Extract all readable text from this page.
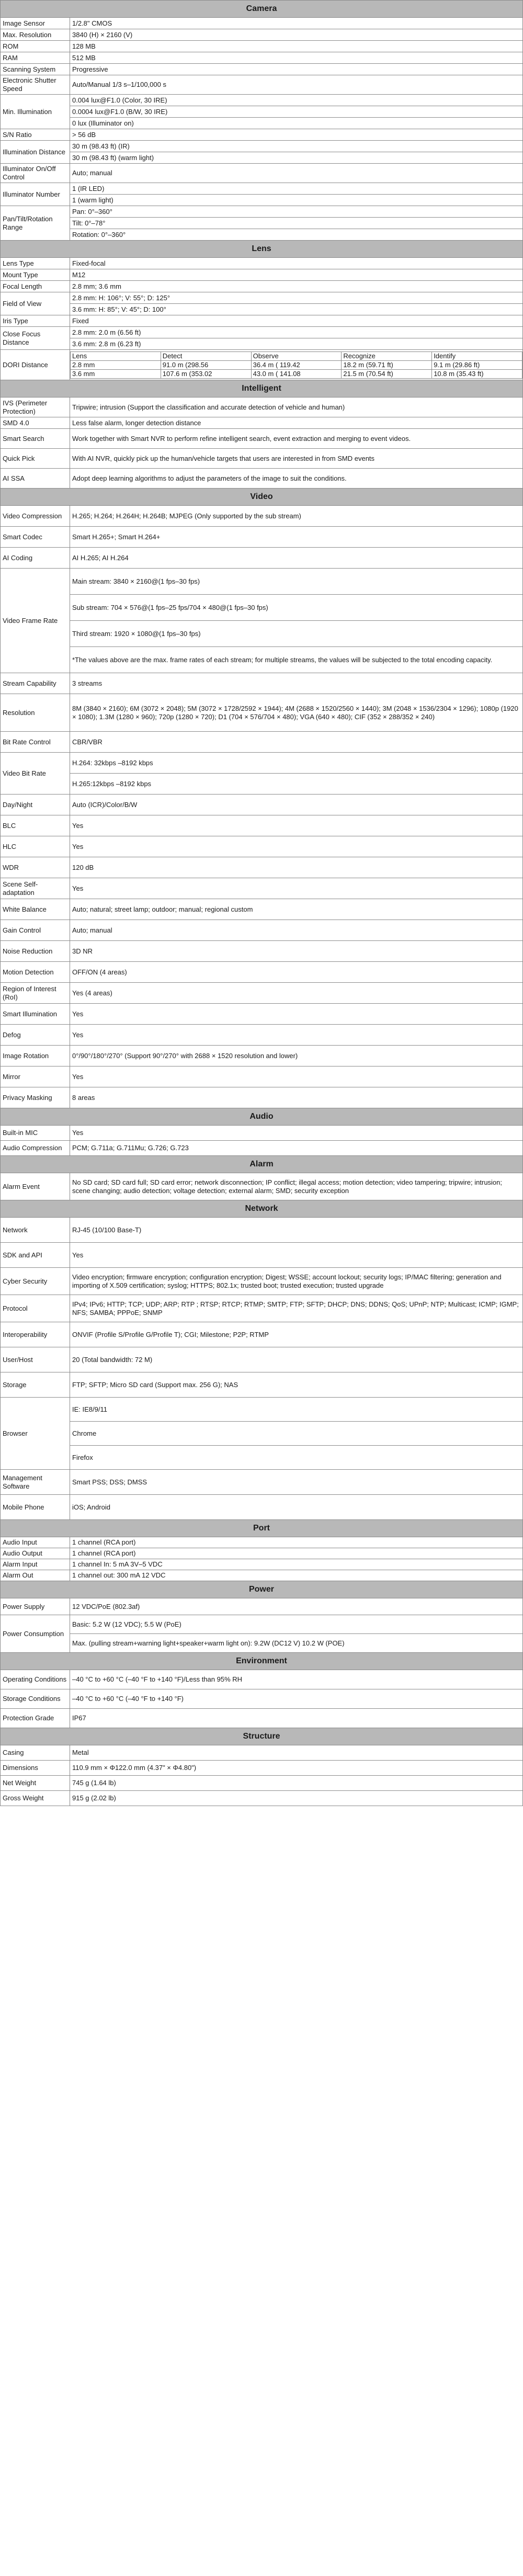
Camera
Image Sensor	1/2.8" CMOS
Max. Resolution	3840 (H) × 2160 (V)
ROM	128 MB
RAM	512 MB
Scanning System	Progressive
Electronic Shutter Speed	Auto/Manual 1/3 s–1/100,000 s
Min. Illumination	0.004 lux@F1.0 (Color, 30 IRE)
0.0004 lux@F1.0 (B/W, 30 IRE)
0 lux (Illuminator on)
S/N Ratio	> 56 dB
Illumination Distance	30 m (98.43 ft) (IR)
30 m (98.43 ft) (warm light)
Illuminator On/Off Control	Auto; manual
Illuminator Number	1 (IR LED)
1 (warm light)
Pan/Tilt/Rotation Range	Pan: 0°–360°
Tilt: 0°–78°
Rotation: 0°–360°
Lens
Lens Type	Fixed-focal
Mount Type	M12
Focal Length	2.8 mm; 3.6 mm
Field of View	2.8 mm: H: 106°; V: 55°; D: 125°
3.6 mm: H: 85°; V: 45°; D: 100°
Iris Type	Fixed
Close Focus Distance	2.8 mm: 2.0 m (6.56 ft)
3.6 mm: 2.8 m (6.23 ft)
DORI Distance	
Lens	Detect	Observe	Recognize	Identify
2.8 mm	91.0 m (298.56	36.4 m ( 119.42	18.2 m (59.71 ft)	9.1 m (29.86 ft)
3.6 mm	107.6 m (353.02	43.0 m ( 141.08	21.5 m (70.54 ft)	10.8 m (35.43 ft)

Intelligent
IVS (Perimeter Protection)	Tripwire; intrusion (Support the classification and accurate detection of vehicle and human)
SMD 4.0	Less false alarm, longer detection distance
Smart Search	Work together with Smart NVR to perform refine intelligent search, event extraction and merging to event videos.
Quick Pick	With AI NVR, quickly pick up the human/vehicle targets that users are interested in from SMD events
AI SSA	Adopt deep learning algorithms to adjust the parameters of the image to suit the conditions.
Video
Video Compression	H.265; H.264; H.264H; H.264B; MJPEG (Only supported by the sub stream)
Smart Codec	Smart H.265+; Smart H.264+
AI Coding	AI H.265; AI H.264
Video Frame Rate	Main stream: 3840 × 2160@(1 fps–30 fps)
Sub stream: 704 × 576@(1 fps–25 fps/704 × 480@(1 fps–30 fps)
Third stream: 1920 × 1080@(1 fps–30 fps)
*The values above are the max. frame rates of each stream; for multiple streams, the values will be subjected to the total encoding capacity.
Stream Capability	3 streams
Resolution	8M (3840 × 2160); 6M (3072 × 2048); 5M (3072 × 1728/2592 × 1944); 4M (2688 × 1520/2560 × 1440); 3M (2048 × 1536/2304 × 1296); 1080p (1920 × 1080); 1.3M (1280 × 960); 720p (1280 × 720); D1 (704 × 576/704 × 480); VGA (640 × 480); CIF (352 × 288/352 × 240)
Bit Rate Control	CBR/VBR
Video Bit Rate	H.264: 32kbps –8192 kbps
H.265:12kbps –8192 kbps
Day/Night	Auto (ICR)/Color/B/W
BLC	Yes
HLC	Yes
WDR	120 dB
Scene Self-adaptation	Yes
White Balance	Auto; natural; street lamp; outdoor; manual; regional custom
Gain Control	Auto; manual
Noise Reduction	3D NR
Motion Detection	OFF/ON (4 areas)
Region of Interest (RoI)	Yes (4 areas)
Smart Illumination	Yes
Defog	Yes
Image Rotation	0°/90°/180°/270° (Support 90°/270° with 2688 × 1520 resolution and lower)
Mirror	Yes
Privacy Masking	8 areas
Audio
Built-in MIC	Yes
Audio Compression	PCM; G.711a; G.711Mu; G.726; G.723
Alarm
Alarm Event	No SD card; SD card full; SD card error; network disconnection; IP conflict; illegal access; motion detection; video tampering; tripwire; intrusion; scene changing; audio detection; voltage detection; external alarm; SMD; security exception
Network
Network	RJ-45 (10/100 Base-T)
SDK and API	Yes
Cyber Security	Video encryption; firmware encryption; configuration encryption; Digest; WSSE; account lockout; security logs; IP/MAC filtering; generation and importing of X.509 certification; syslog; HTTPS; 802.1x; trusted boot; trusted execution; trusted upgrade
Protocol	IPv4; IPv6; HTTP; TCP; UDP; ARP; RTP ; RTSP; RTCP; RTMP; SMTP; FTP; SFTP; DHCP; DNS; DDNS; QoS; UPnP; NTP; Multicast; ICMP; IGMP; NFS; SAMBA; PPPoE; SNMP
Interoperability	ONVIF (Profile S/Profile G/Profile T); CGI; Milestone; P2P; RTMP
User/Host	20 (Total bandwidth: 72 M)
Storage	FTP; SFTP; Micro SD card (Support max. 256 G); NAS
Browser	IE: IE8/9/11
Chrome
Firefox
Management Software	Smart PSS; DSS; DMSS
Mobile Phone	iOS; Android
Port
Audio Input	1 channel (RCA port)
Audio Output	1 channel (RCA port)
Alarm Input	1 channel In: 5 mA 3V–5 VDC
Alarm Out	1 channel out: 300 mA 12 VDC
Power
Power Supply	12 VDC/PoE (802.3af)
Power Consumption	Basic: 5.2 W (12 VDC); 5.5 W (PoE)
Max. (pulling stream+warning light+speaker+warm light on): 9.2W (DC12 V) 10.2 W (POE)
Environment
Operating Conditions	–40 °C to +60 °C (–40 °F to +140 °F)/Less than 95% RH
Storage Conditions	–40 °C to +60 °C (–40 °F to +140 °F)
Protection Grade	IP67
Structure
Casing	Metal
Dimensions	110.9 mm × Φ122.0 mm (4.37" × Φ4.80")
Net Weight	745 g (1.64 lb)
Gross Weight	915 g (2.02 lb)
